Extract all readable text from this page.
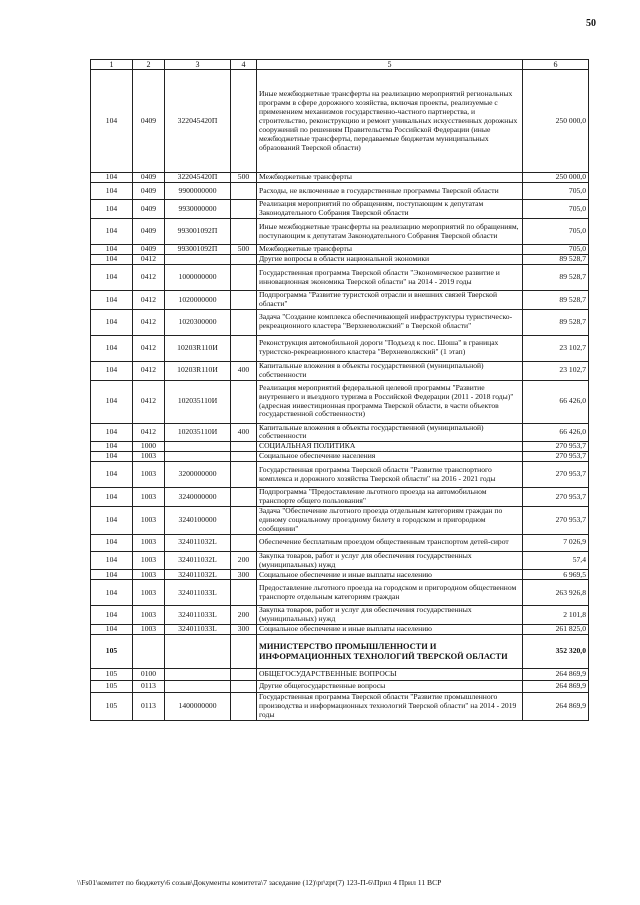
50
1	2	3	4	5	6
104	0409	322045420П		Иные межбюджетные трансферты на реализацию мероприятий региональных программ в сфере дорожного хозяйства, включая проекты, реализуемые с применением механизмов государственно-частного партнерства, и строительство, реконструкцию и ремонт уникальных искусственных дорожных сооружений по решениям Правительства Российской Федерации (иные межбюджетные трансферты, передаваемые бюджетам муниципальных образований Тверской области)	250 000,0
104	0409	322045420П	500	Межбюджетные трансферты	250 000,0
104	0409	9900000000		Расходы, не включенные в государственные программы Тверской области	705,0
104	0409	9930000000		Реализация мероприятий по обращениям, поступающим к депутатам Законодательного Собрания Тверской области	705,0
104	0409	993001092П		Иные межбюджетные трансферты на реализацию мероприятий по обращениям, поступающим к депутатам Законодательного Собрания Тверской области	705,0
104	0409	993001092П	500	Межбюджетные трансферты	705,0
104	0412			Другие вопросы в области национальной экономики	89 528,7
104	0412	1000000000		Государственная программа Тверской области "Экономическое развитие и инновационная экономика Тверской области" на 2014 - 2019 годы	89 528,7
104	0412	1020000000		Подпрограмма "Развитие туристской отрасли и внешних связей Тверской области"	89 528,7
104	0412	1020300000		Задача "Создание комплекса обеспечивающей инфраструктуры туристическо-рекреационного кластера "Верхневолжский" в Тверской области"	89 528,7
104	0412	10203R110И		Реконструкция автомобильной дороги "Подъезд к пос. Шоша" в границах туристско-рекреационного кластера "Верхневолжский" (1 этап)	23 102,7
104	0412	10203R110И	400	Капитальные вложения в объекты государственной (муниципальной) собственности	23 102,7
104	0412	102035110И		Реализация мероприятий федеральной целевой программы "Развитие внутреннего и въездного туризма в Российской Федерации (2011 - 2018 годы)" (адресная инвестиционная программа Тверской области, в части объектов государственной собственности)	66 426,0
104	0412	102035110И	400	Капитальные вложения в объекты государственной (муниципальной) собственности	66 426,0
104	1000			СОЦИАЛЬНАЯ ПОЛИТИКА	270 953,7
104	1003			Социальное обеспечение населения	270 953,7
104	1003	3200000000		Государственная программа Тверской области "Развитие транспортного комплекса и дорожного хозяйства Тверской области" на 2016 - 2021 годы	270 953,7
104	1003	3240000000		Подпрограмма "Предоставление льготного проезда на автомобильном транспорте общего пользования"	270 953,7
104	1003	3240100000		Задача "Обеспечение льготного проезда отдельным категориям граждан по единому социальному проездному билету в городском и пригородном сообщении"	270 953,7
104	1003	324011032L		Обеспечение бесплатным проездом общественным транспортом детей-сирот	7 026,9
104	1003	324011032L	200	Закупка товаров, работ и услуг для обеспечения государственных (муниципальных) нужд	57,4
104	1003	324011032L	300	Социальное обеспечение и иные выплаты населению	6 969,5
104	1003	324011033L		Предоставление льготного проезда на городском и пригородном общественном транспорте отдельным категориям граждан	263 926,8
104	1003	324011033L	200	Закупка товаров, работ и услуг для обеспечения государственных (муниципальных) нужд	2 101,8
104	1003	324011033L	300	Социальное обеспечение и иные выплаты населению	261 825,0
105				МИНИСТЕРСТВО ПРОМЫШЛЕННОСТИ И ИНФОРМАЦИОННЫХ ТЕХНОЛОГИЙ ТВЕРСКОЙ ОБЛАСТИ	352 320,0
105	0100			ОБЩЕГОСУДАРСТВЕННЫЕ ВОПРОСЫ	264 869,9
105	0113			Другие общегосударственные вопросы	264 869,9
105	0113	1400000000		Государственная программа Тверской области "Развитие промышленного производства и информационных технологий Тверской области" на 2014 - 2019 годы	264 869,9
\\Fs01\комитет по бюджету\6 созыв\Документы комитета\7 заседание (12)\pr\zpr(7) 123-П-6\Прил 4 Прил 11 ВСР
